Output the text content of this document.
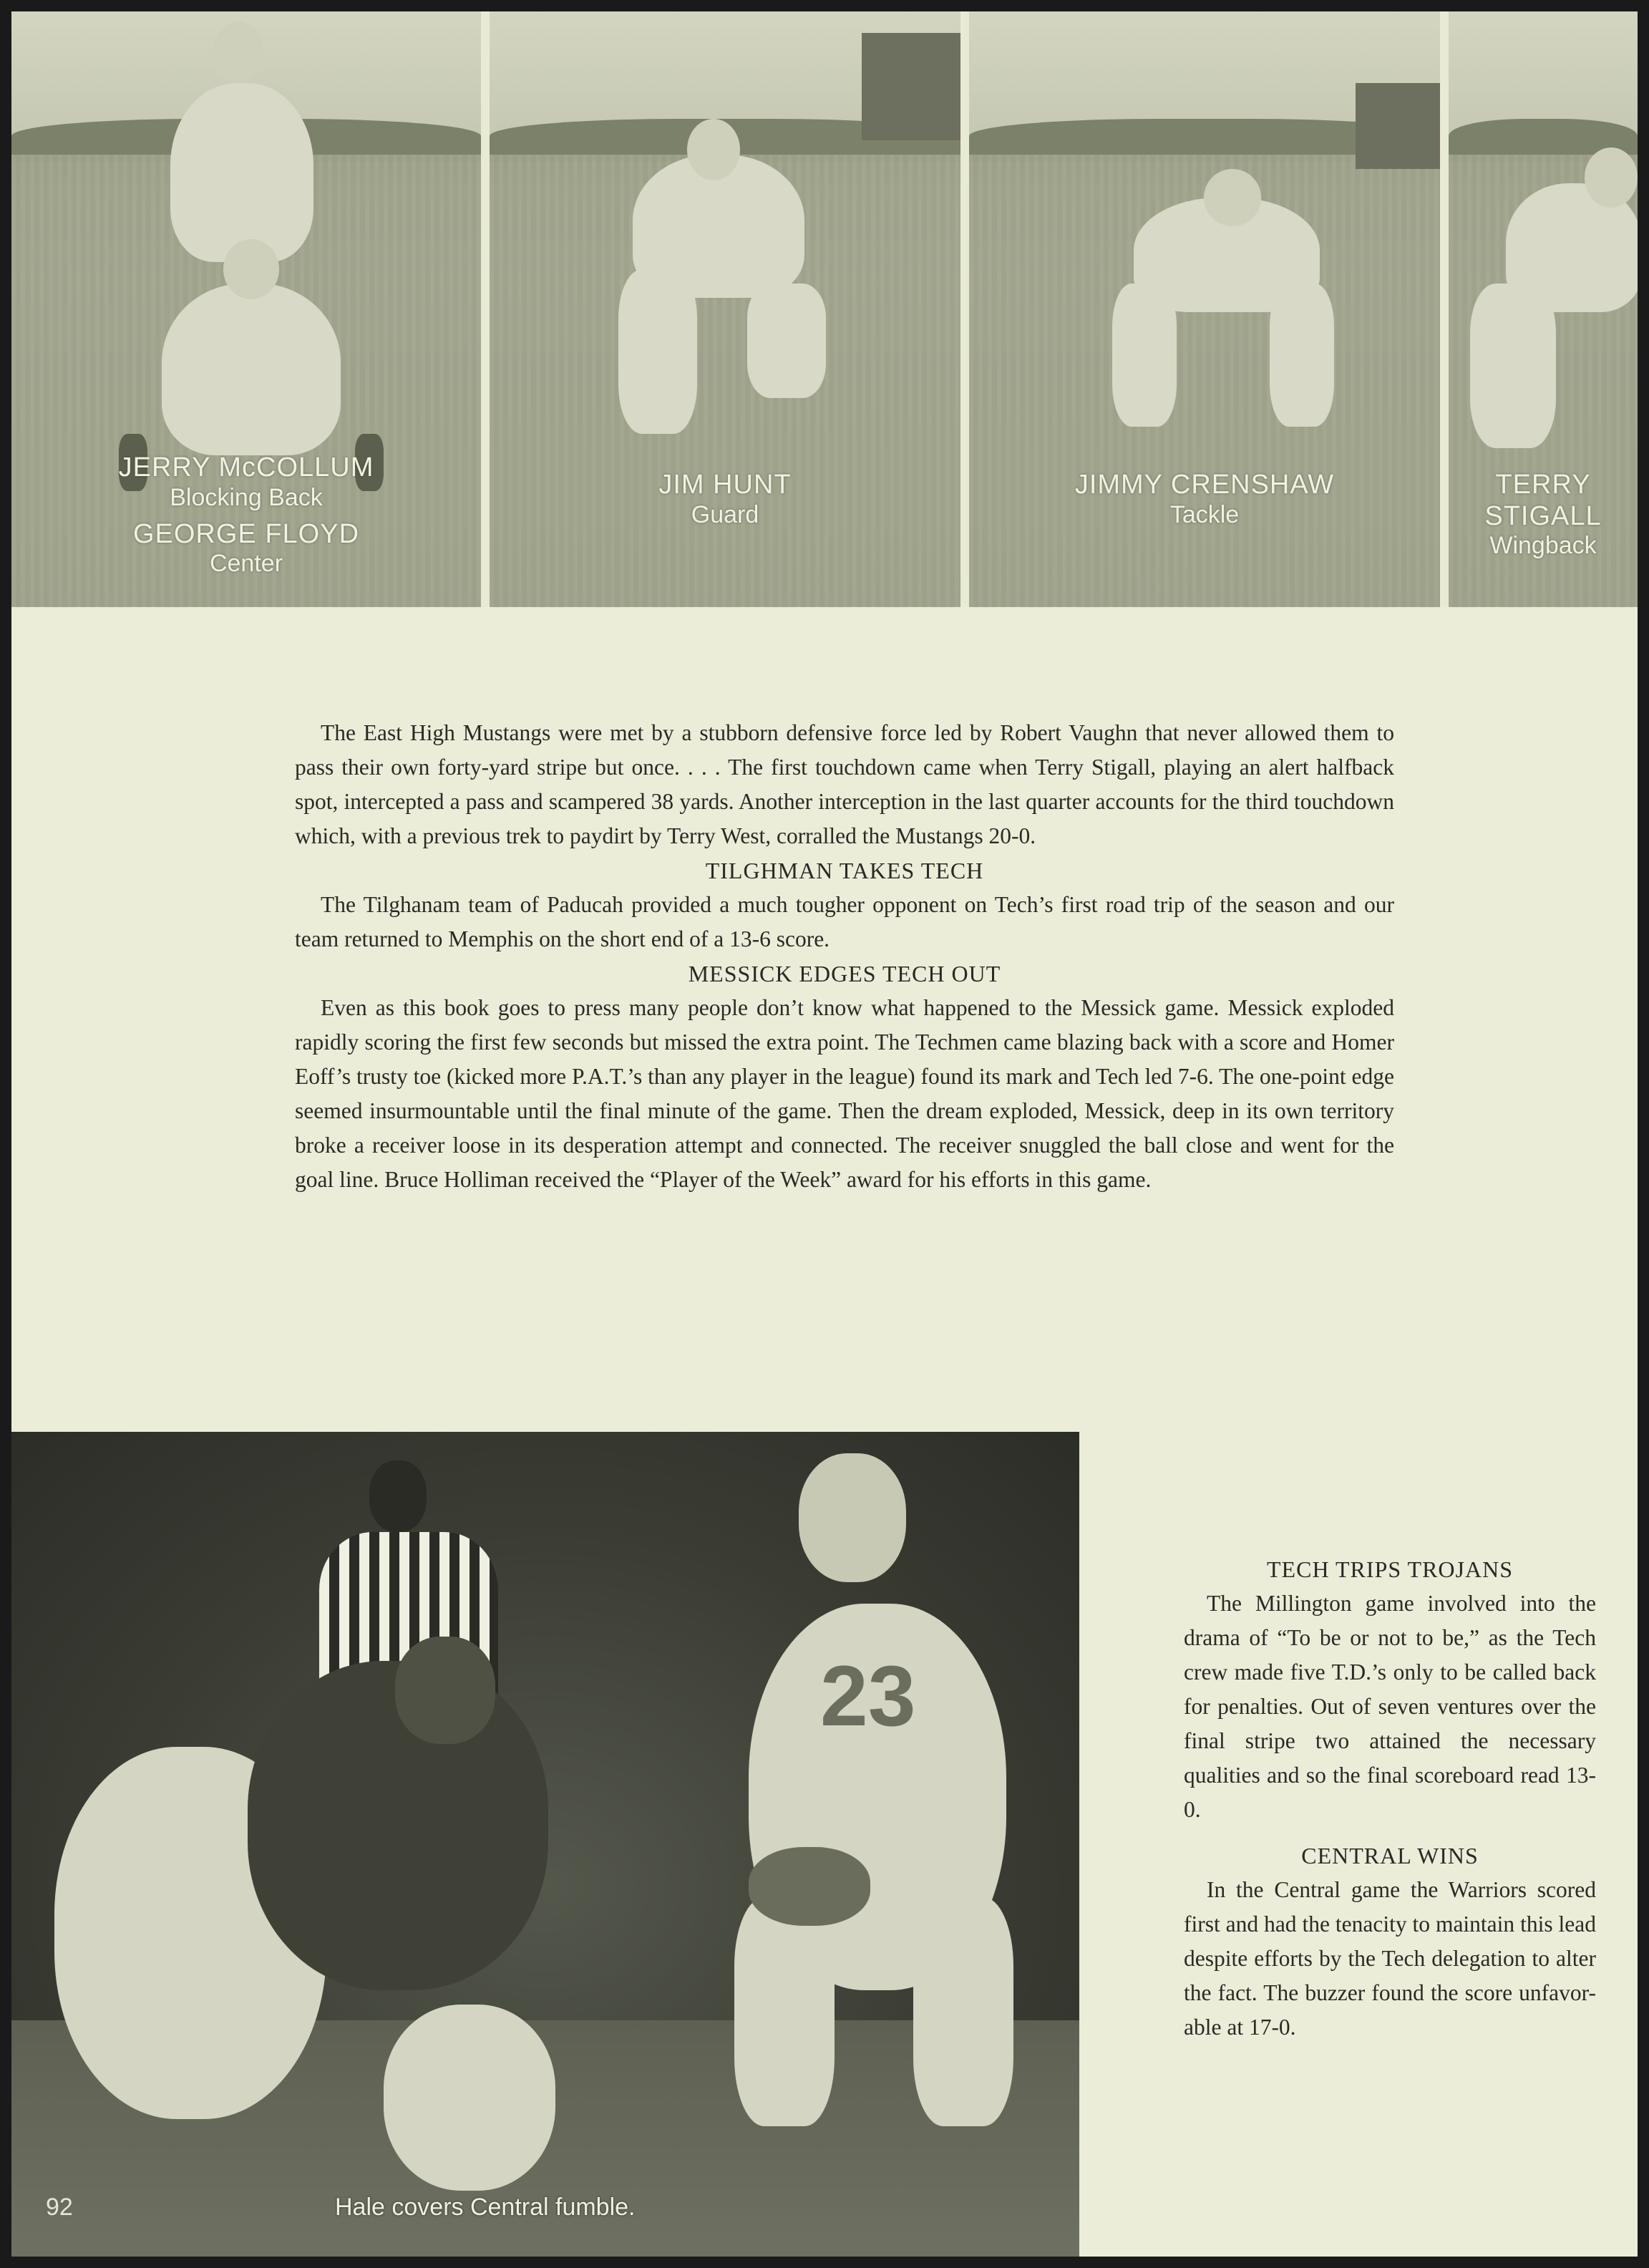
JERRY McCOLLUM
Blocking Back
GEORGE FLOYD
Center
JIM HUNT
Guard
JIMMY CRENSHAW
Tackle
TERRY
STIGALL
Wingback

The East High Mustangs were met by a stubborn defensive force led by Robert Vaughn that never allowed them to pass their own forty-yard stripe but once. . . . The first touchdown came when Terry Stigall, playing an alert halfback spot, intercepted a pass and scampered 38 yards. Another interception in the last quarter accounts for the third touchdown which, with a previous trek to paydirt by Terry West, corralled the Mustangs 20-0.

TILGHMAN TAKES TECH

The Tilghanam team of Paducah provided a much tougher opponent on Tech’s first road trip of the season and our team returned to Memphis on the short end of a 13-6 score.

MESSICK EDGES TECH OUT

Even as this book goes to press many people don’t know what happened to the Messick game. Messick exploded rapidly scoring the first few seconds but missed the extra point. The Techmen came blazing back with a score and Homer Eoff’s trusty toe (kicked more P.A.T.’s than any player in the league) found its mark and Tech led 7-6. The one-point edge seemed insurmountable until the final minute of the game. Then the dream exploded, Messick, deep in its own territory broke a receiver loose in its desperation attempt and connected. The receiver snuggled the ball close and went for the goal line. Bruce Holliman received the “Player of the Week” award for his efforts in this game.

23
92	Hale covers Central fumble.
TECH TRIPS TROJANS

The Millington game involved into the drama of “To be or not to be,” as the Tech crew made five T.D.’s only to be called back for penalties. Out of seven ventures over the final stripe two attained the necessary qualities and so the final scoreboard read 13-0.

CENTRAL WINS

In the Central game the Warriors scored first and had the tenacity to maintain this lead despite efforts by the Tech delegation to alter the fact. The buzzer found the score unfavor-able at 17-0.
